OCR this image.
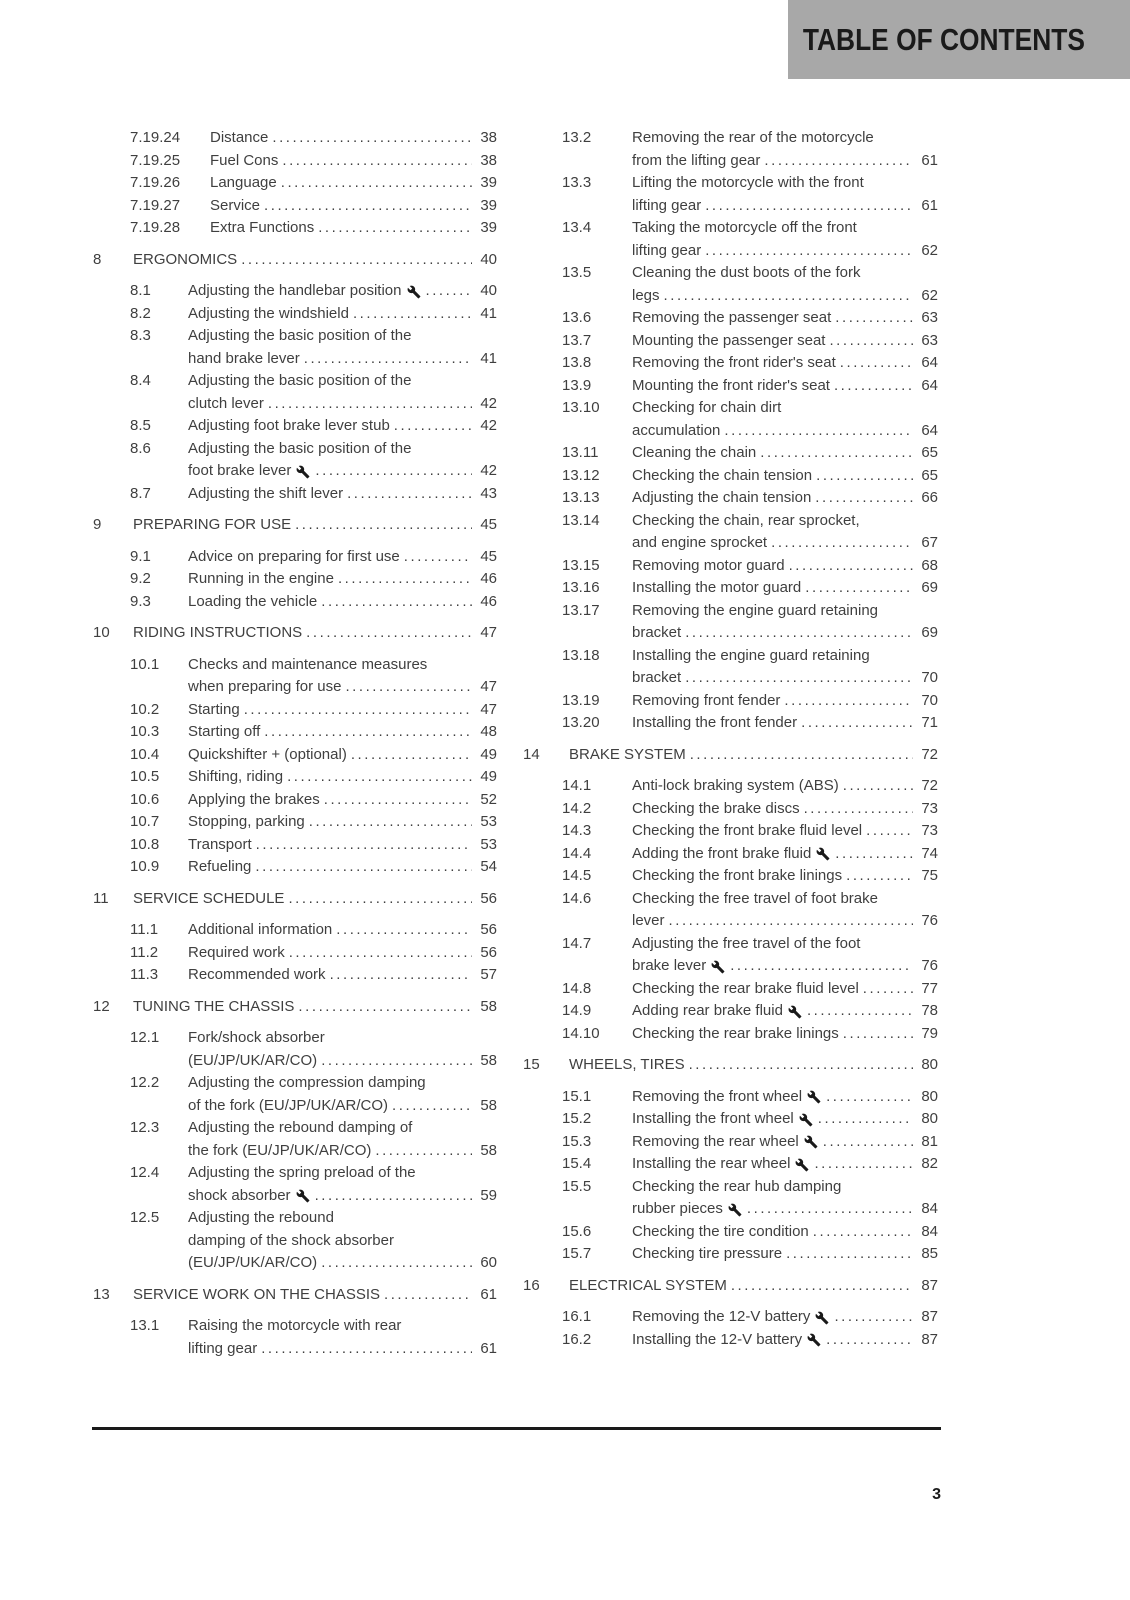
TABLE OF CONTENTS
7.19.24	Distance .....	38
7.19.25	Fuel Cons .....	38
7.19.26	Language .....	39
7.19.27	Service .....	39
7.19.28	Extra Functions .....	39
8	ERGONOMICS .....	40
8.1	Adjusting the handlebar position .....	40
8.2	Adjusting the windshield .....	41
8.3	Adjusting the basic position of the
hand brake lever .....	41
8.4	Adjusting the basic position of the
clutch lever .....	42
8.5	Adjusting foot brake lever stub .....	42
8.6	Adjusting the basic position of the
foot brake lever .....	42
8.7	Adjusting the shift lever .....	43
9	PREPARING FOR USE .....	45
9.1	Advice on preparing for first use .....	45
9.2	Running in the engine .....	46
9.3	Loading the vehicle .....	46
10	RIDING INSTRUCTIONS .....	47
10.1	Checks and maintenance measures
when preparing for use .....	47
10.2	Starting .....	47
10.3	Starting off .....	48
10.4	Quickshifter + (optional) .....	49
10.5	Shifting, riding .....	49
10.6	Applying the brakes .....	52
10.7	Stopping, parking .....	53
10.8	Transport .....	53
10.9	Refueling .....	54
11	SERVICE SCHEDULE .....	56
11.1	Additional information .....	56
11.2	Required work .....	56
11.3	Recommended work .....	57
12	TUNING THE CHASSIS .....	58
12.1	Fork/shock absorber
(EU/JP/UK/AR/CO) .....	58
12.2	Adjusting the compression damping
of the fork (EU/JP/UK/AR/CO) .....	58
12.3	Adjusting the rebound damping of
the fork (EU/JP/UK/AR/CO) .....	58
12.4	Adjusting the spring preload of the
shock absorber .....	59
12.5	Adjusting the rebound
damping of the shock absorber
(EU/JP/UK/AR/CO) .....	60
13	SERVICE WORK ON THE CHASSIS .....	61
13.1	Raising the motorcycle with rear
lifting gear .....	61
13.2	Removing the rear of the motorcycle
from the lifting gear .....	61
13.3	Lifting the motorcycle with the front
lifting gear .....	61
13.4	Taking the motorcycle off the front
lifting gear .....	62
13.5	Cleaning the dust boots of the fork
legs .....	62
13.6	Removing the passenger seat .....	63
13.7	Mounting the passenger seat .....	63
13.8	Removing the front rider's seat .....	64
13.9	Mounting the front rider's seat .....	64
13.10	Checking for chain dirt
accumulation .....	64
13.11	Cleaning the chain .....	65
13.12	Checking the chain tension .....	65
13.13	Adjusting the chain tension .....	66
13.14	Checking the chain, rear sprocket,
and engine sprocket .....	67
13.15	Removing motor guard .....	68
13.16	Installing the motor guard .....	69
13.17	Removing the engine guard retaining
bracket .....	69
13.18	Installing the engine guard retaining
bracket .....	70
13.19	Removing front fender .....	70
13.20	Installing the front fender .....	71
14	BRAKE SYSTEM .....	72
14.1	Anti-lock braking system (ABS) .....	72
14.2	Checking the brake discs .....	73
14.3	Checking the front brake fluid level .....	73
14.4	Adding the front brake fluid .....	74
14.5	Checking the front brake linings .....	75
14.6	Checking the free travel of foot brake
lever .....	76
14.7	Adjusting the free travel of the foot
brake lever .....	76
14.8	Checking the rear brake fluid level .....	77
14.9	Adding rear brake fluid .....	78
14.10	Checking the rear brake linings .....	79
15	WHEELS, TIRES .....	80
15.1	Removing the front wheel .....	80
15.2	Installing the front wheel .....	80
15.3	Removing the rear wheel .....	81
15.4	Installing the rear wheel .....	82
15.5	Checking the rear hub damping
rubber pieces .....	84
15.6	Checking the tire condition .....	84
15.7	Checking tire pressure .....	85
16	ELECTRICAL SYSTEM .....	87
16.1	Removing the 12-V battery .....	87
16.2	Installing the 12-V battery .....	87
3
